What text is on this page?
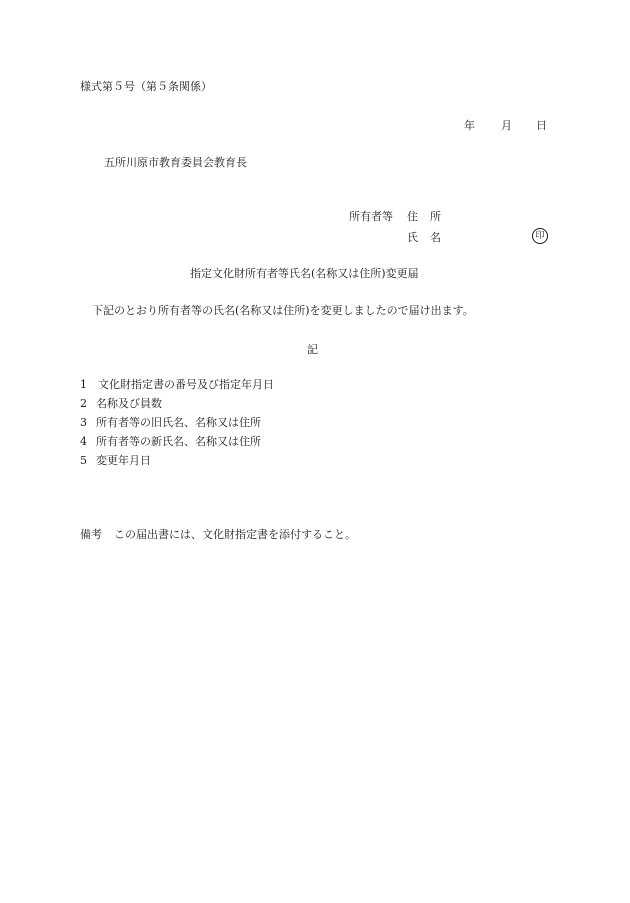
様式第５号（第５条関係）
年 月 日
五所川原市教育委員会教育長
所有者等 住 所
氏 名	印
指定文化財所有者等氏名(名称又は住所)変更届
下記のとおり所有者等の氏名(名称又は住所)を変更しましたので届け出ます。
記
1 文化財指定書の番号及び指定年月日
2 名称及び員数
3 所有者等の旧氏名、名称又は住所
4 所有者等の新氏名、名称又は住所
5 変更年月日
備考 この届出書には、文化財指定書を添付すること。
